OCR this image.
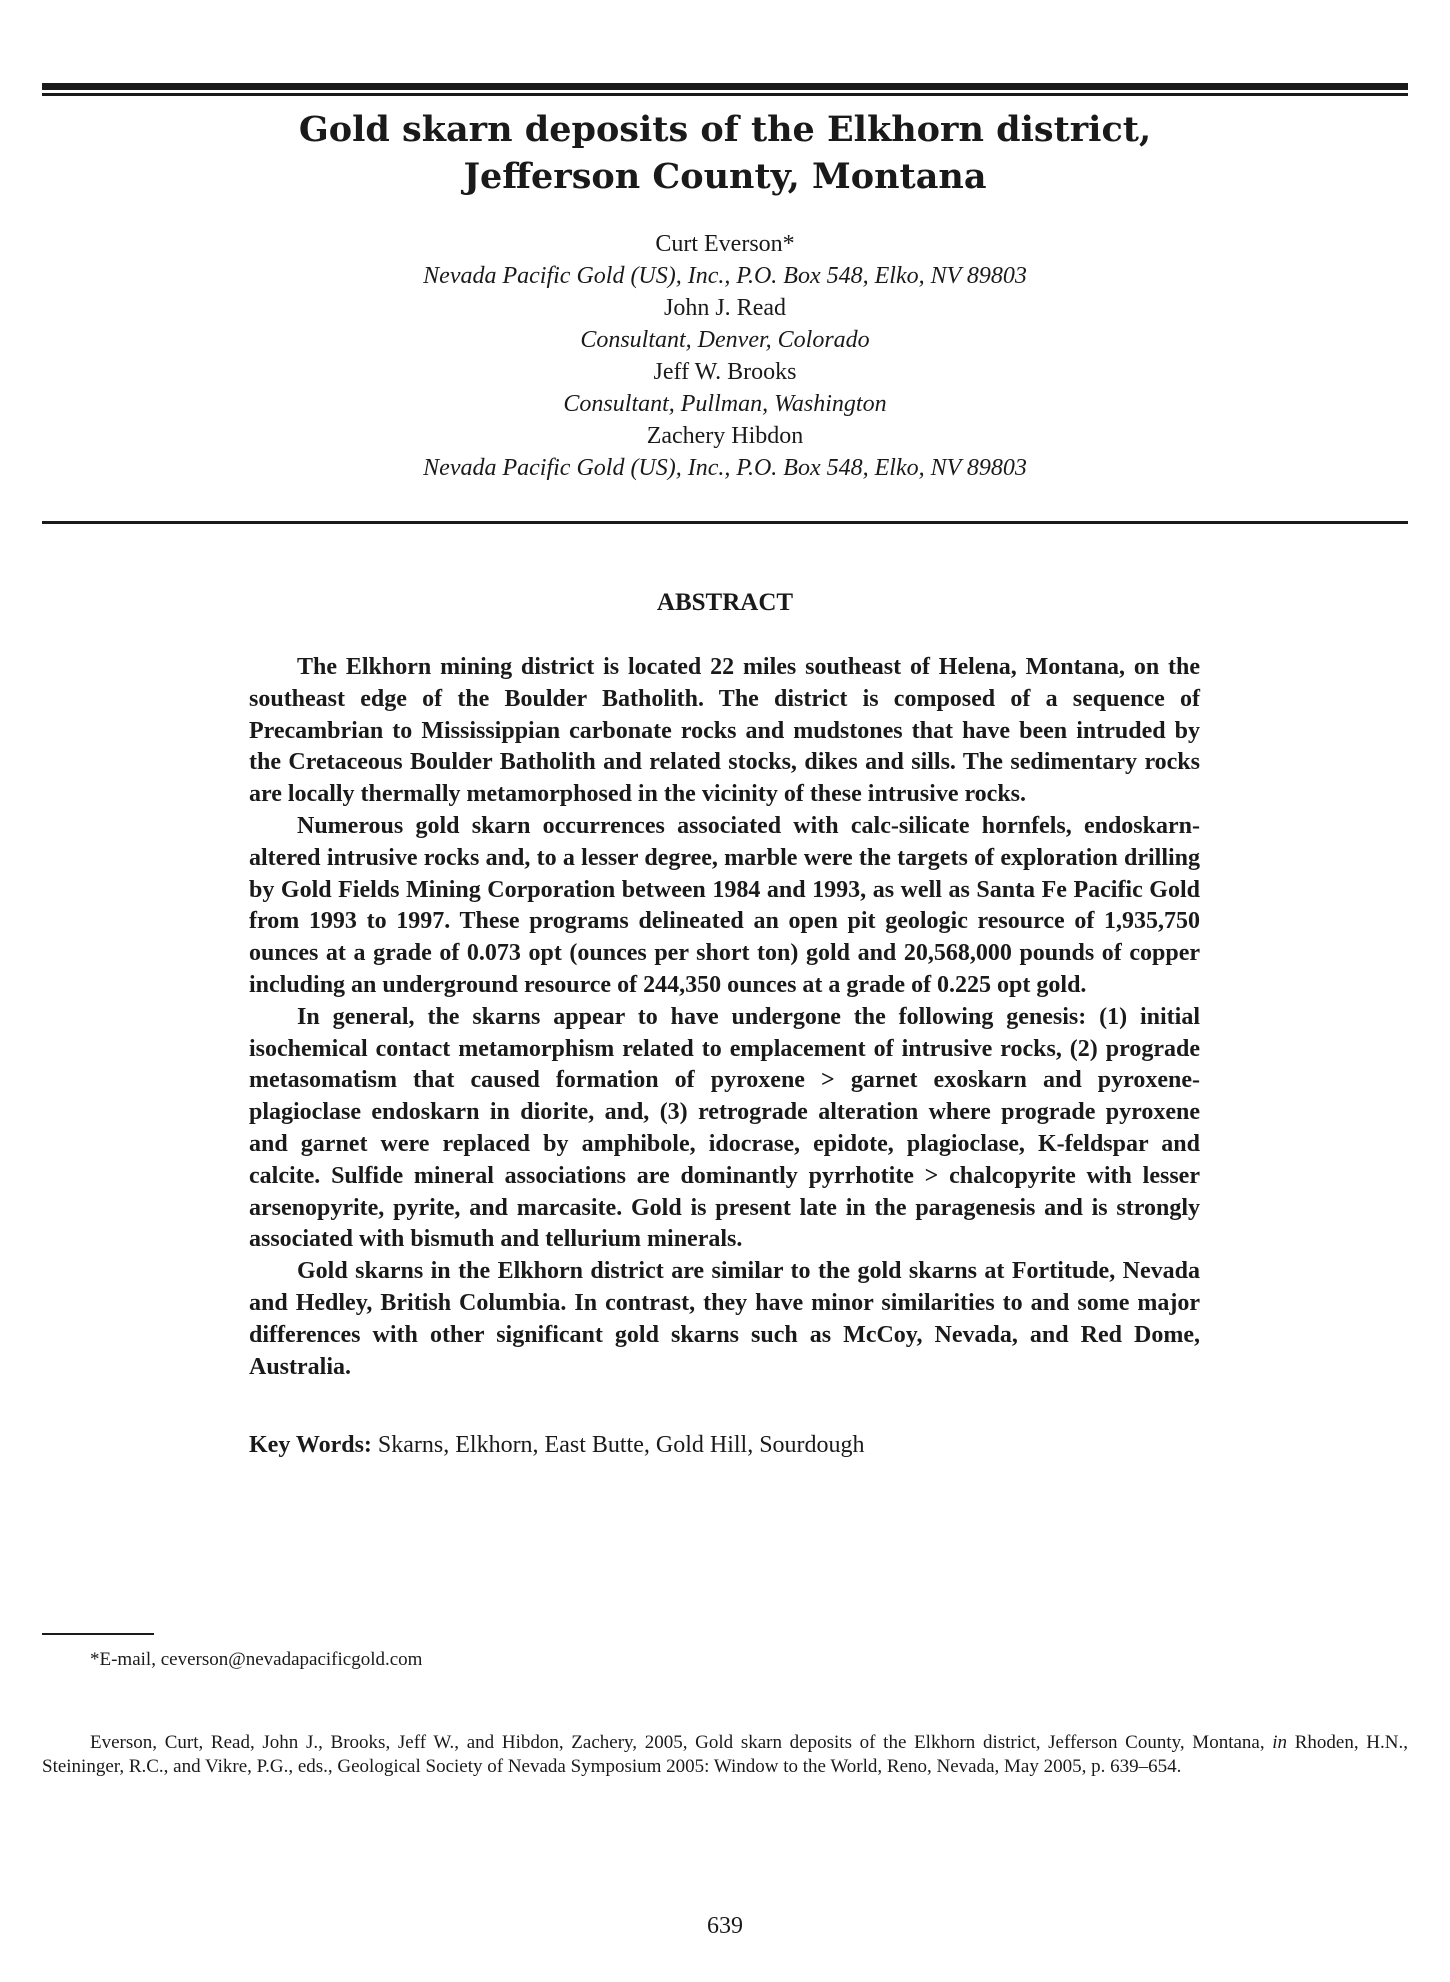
Gold skarn deposits of the Elkhorn district,
Jefferson County, Montana
Curt Everson*
Nevada Pacific Gold (US), Inc., P.O. Box 548, Elko, NV 89803
John J. Read
Consultant, Denver, Colorado
Jeff W. Brooks
Consultant, Pullman, Washington
Zachery Hibdon
Nevada Pacific Gold (US), Inc., P.O. Box 548, Elko, NV 89803
ABSTRACT

The Elkhorn mining district is located 22 miles southeast of Helena, Montana, on the southeast edge of the Boulder Batholith. The district is composed of a sequence of Precambrian to Mississippian carbonate rocks and mudstones that have been intruded by the Cretaceous Boulder Batholith and related stocks, dikes and sills. The sedimentary rocks are locally thermally metamorphosed in the vicinity of these intrusive rocks.

Numerous gold skarn occurrences associated with calc-silicate hornfels, endoskarn-altered intrusive rocks and, to a lesser degree, marble were the targets of exploration drilling by Gold Fields Mining Corporation between 1984 and 1993, as well as Santa Fe Pacific Gold from 1993 to 1997. These programs delineated an open pit geologic resource of 1,935,750 ounces at a grade of 0.073 opt (ounces per short ton) gold and 20,568,000 pounds of copper including an underground resource of 244,350 ounces at a grade of 0.225 opt gold.

In general, the skarns appear to have undergone the following genesis: (1) initial isochemical contact metamorphism related to emplacement of intrusive rocks, (2) prograde metasomatism that caused formation of pyroxene > garnet exoskarn and pyroxene-plagioclase endoskarn in diorite, and, (3) retrograde alteration where prograde pyroxene and garnet were replaced by amphibole, idocrase, epidote, plagioclase, K-feldspar and calcite. Sulfide mineral associations are dominantly pyrrhotite > chalcopyrite with lesser arsenopyrite, pyrite, and marcasite. Gold is present late in the paragenesis and is strongly associated with bismuth and tellurium minerals.

Gold skarns in the Elkhorn district are similar to the gold skarns at Fortitude, Nevada and Hedley, British Columbia. In contrast, they have minor similarities to and some major differences with other significant gold skarns such as McCoy, Nevada, and Red Dome, Australia.

Key Words: Skarns, Elkhorn, East Butte, Gold Hill, Sourdough
*E-mail, ceverson@nevadapacificgold.com
Everson, Curt, Read, John J., Brooks, Jeff W., and Hibdon, Zachery, 2005, Gold skarn deposits of the Elkhorn district, Jefferson County, Montana, in Rhoden, H.N., Steininger, R.C., and Vikre, P.G., eds., Geological Society of Nevada Symposium 2005: Window to the World, Reno, Nevada, May 2005, p. 639–654.
639
